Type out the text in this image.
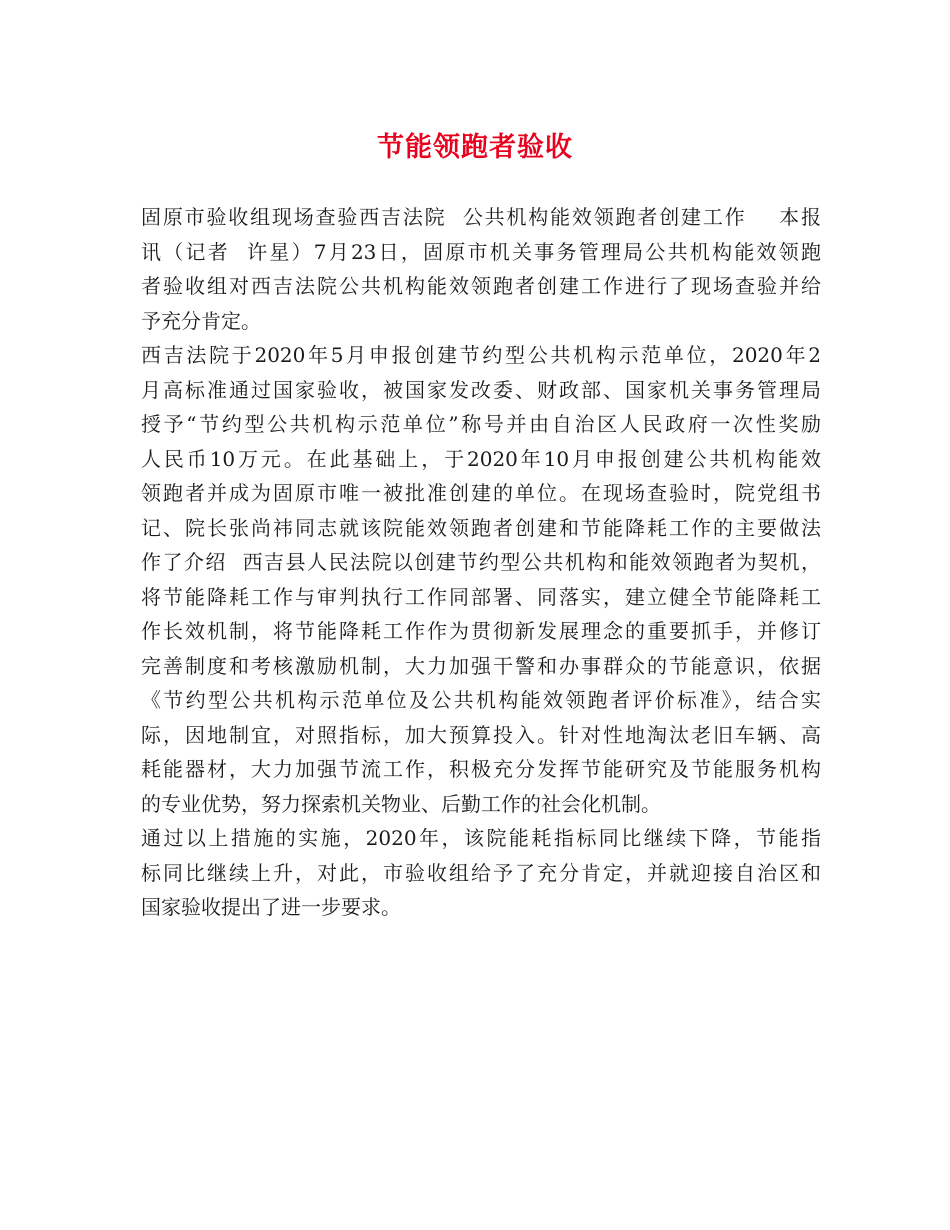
节能领跑者验收
固原市验收组现场查验西吉法院  公共机构能效领跑者创建工作    本报
讯（记者  许星）7月23日，固原市机关事务管理局公共机构能效领跑
者验收组对西吉法院公共机构能效领跑者创建工作进行了现场查验并给
予充分肯定。
西吉法院于2020年5月申报创建节约型公共机构示范单位，2020年2
月高标准通过国家验收，被国家发改委、财政部、国家机关事务管理局
授予“节约型公共机构示范单位”称号并由自治区人民政府一次性奖励
人民币10万元。在此基础上，于2020年10月申报创建公共机构能效
领跑者并成为固原市唯一被批准创建的单位。在现场查验时，院党组书
记、院长张尚祎同志就该院能效领跑者创建和节能降耗工作的主要做法
作了介绍  西吉县人民法院以创建节约型公共机构和能效领跑者为契机，
将节能降耗工作与审判执行工作同部署、同落实，建立健全节能降耗工
作长效机制，将节能降耗工作作为贯彻新发展理念的重要抓手，并修订
完善制度和考核激励机制，大力加强干警和办事群众的节能意识，依据
《节约型公共机构示范单位及公共机构能效领跑者评价标准》，结合实
际，因地制宜，对照指标，加大预算投入。针对性地淘汰老旧车辆、高
耗能器材，大力加强节流工作，积极充分发挥节能研究及节能服务机构
的专业优势，努力探索机关物业、后勤工作的社会化机制。
通过以上措施的实施，2020年，该院能耗指标同比继续下降，节能指
标同比继续上升，对此，市验收组给予了充分肯定，并就迎接自治区和
国家验收提出了进一步要求。
